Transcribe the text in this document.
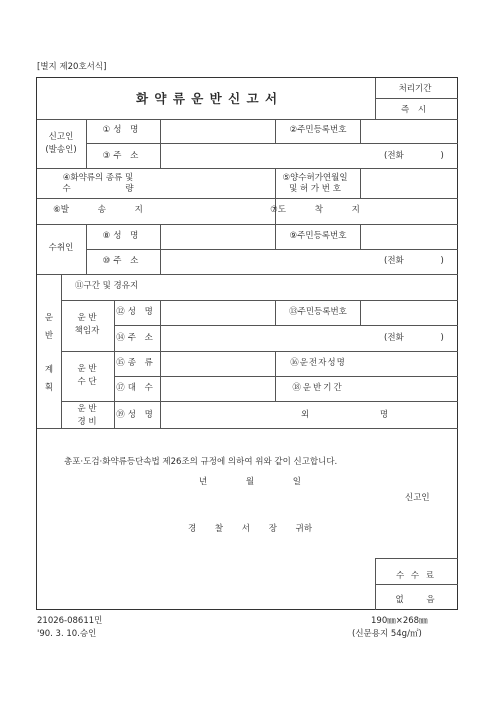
[별지 제20호서식]
화 약 류 운 반 신 고 서
처리기간
즉 시
신고인
(발송인)
①성 명	②주민등록번호
③주 소	(전화 )
④화약류의 종류 및
수 량
⑤양수허가연월일
및 허 가 번 호
⑥발 송 지	⑦도 착 지
수취인
⑧성 명	⑨주민등록번호
⑩주 소	(전화 )
운
반
계
획
⑪구간 및 경유지
운 반
책임자
⑫성 명	⑬주민등록번호
⑭주 소	(전화 )
운 반
수 단
⑮종 류	⑯운전자성명
⑰대 수	⑱운반기간
운 반
경 비
⑲성 명	외 명
총포·도검·화약류등단속법 제26조의 규정에 의하여 위와 같이 신고합니다.
년 월 일
신고인
경 찰 서 장 귀하
수 수 료
없 음
21026-08611민	190㎜×268㎜
'90. 3. 10.승인	(신문용지 54g/㎡)
